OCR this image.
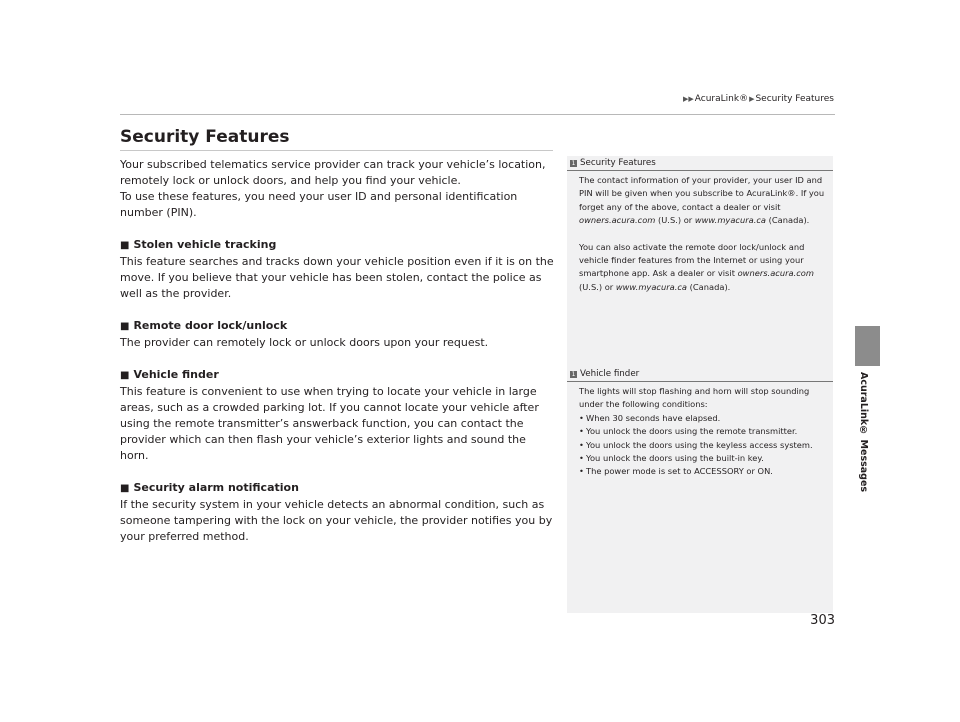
▶▶AcuraLink®▶Security Features
AcuraLink® Messages
Security Features

Your subscribed telematics service provider can track your vehicle’s location, remotely lock or unlock doors, and help you find your vehicle.

To use these features, you need your user ID and personal identification number (PIN).

■ Stolen vehicle tracking

This feature searches and tracks down your vehicle position even if it is on the move. If you believe that your vehicle has been stolen, contact the police as well as the provider.

■ Remote door lock/unlock

The provider can remotely lock or unlock doors upon your request.

■ Vehicle finder

This feature is convenient to use when trying to locate your vehicle in large areas, such as a crowded parking lot. If you cannot locate your vehicle after using the remote transmitter’s answerback function, you can contact the provider which can then flash your vehicle’s exterior lights and sound the horn.

■ Security alarm notification

If the security system in your vehicle detects an abnormal condition, such as someone tampering with the lock on your vehicle, the provider notifies you by your preferred method.

1 Security Features

The contact information of your provider, your user ID and PIN will be given when you subscribe to AcuraLink®. If you forget any of the above, contact a dealer or visit owners.acura.com (U.S.) or www.myacura.ca (Canada).

You can also activate the remote door lock/unlock and vehicle finder features from the Internet or using your smartphone app. Ask a dealer or visit owners.acura.com (U.S.) or www.myacura.ca (Canada).

1 Vehicle finder

The lights will stop flashing and horn will stop sounding under the following conditions:

• When 30 seconds have elapsed.
• You unlock the doors using the remote transmitter.
• You unlock the doors using the keyless access system.
• You unlock the doors using the built-in key.
• The power mode is set to ACCESSORY or ON.
303
